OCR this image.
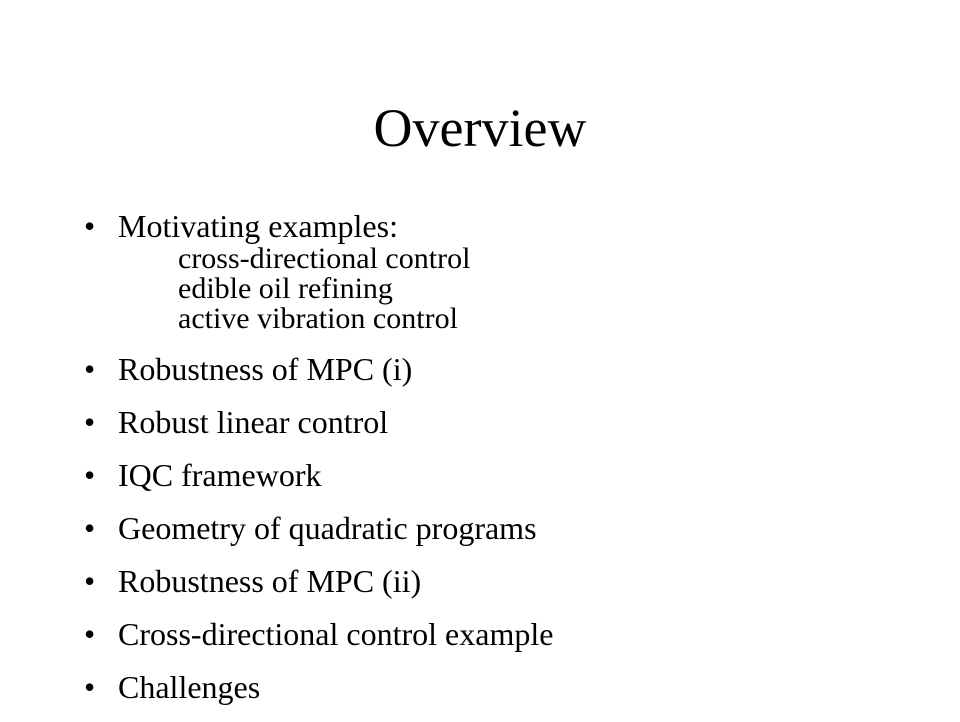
Overview
• Motivating examples:
cross-directional control
edible oil refining
active vibration control
• Robustness of MPC (i)
• Robust linear control
• IQC framework
• Geometry of quadratic programs
• Robustness of MPC (ii)
• Cross-directional control example
• Challenges
